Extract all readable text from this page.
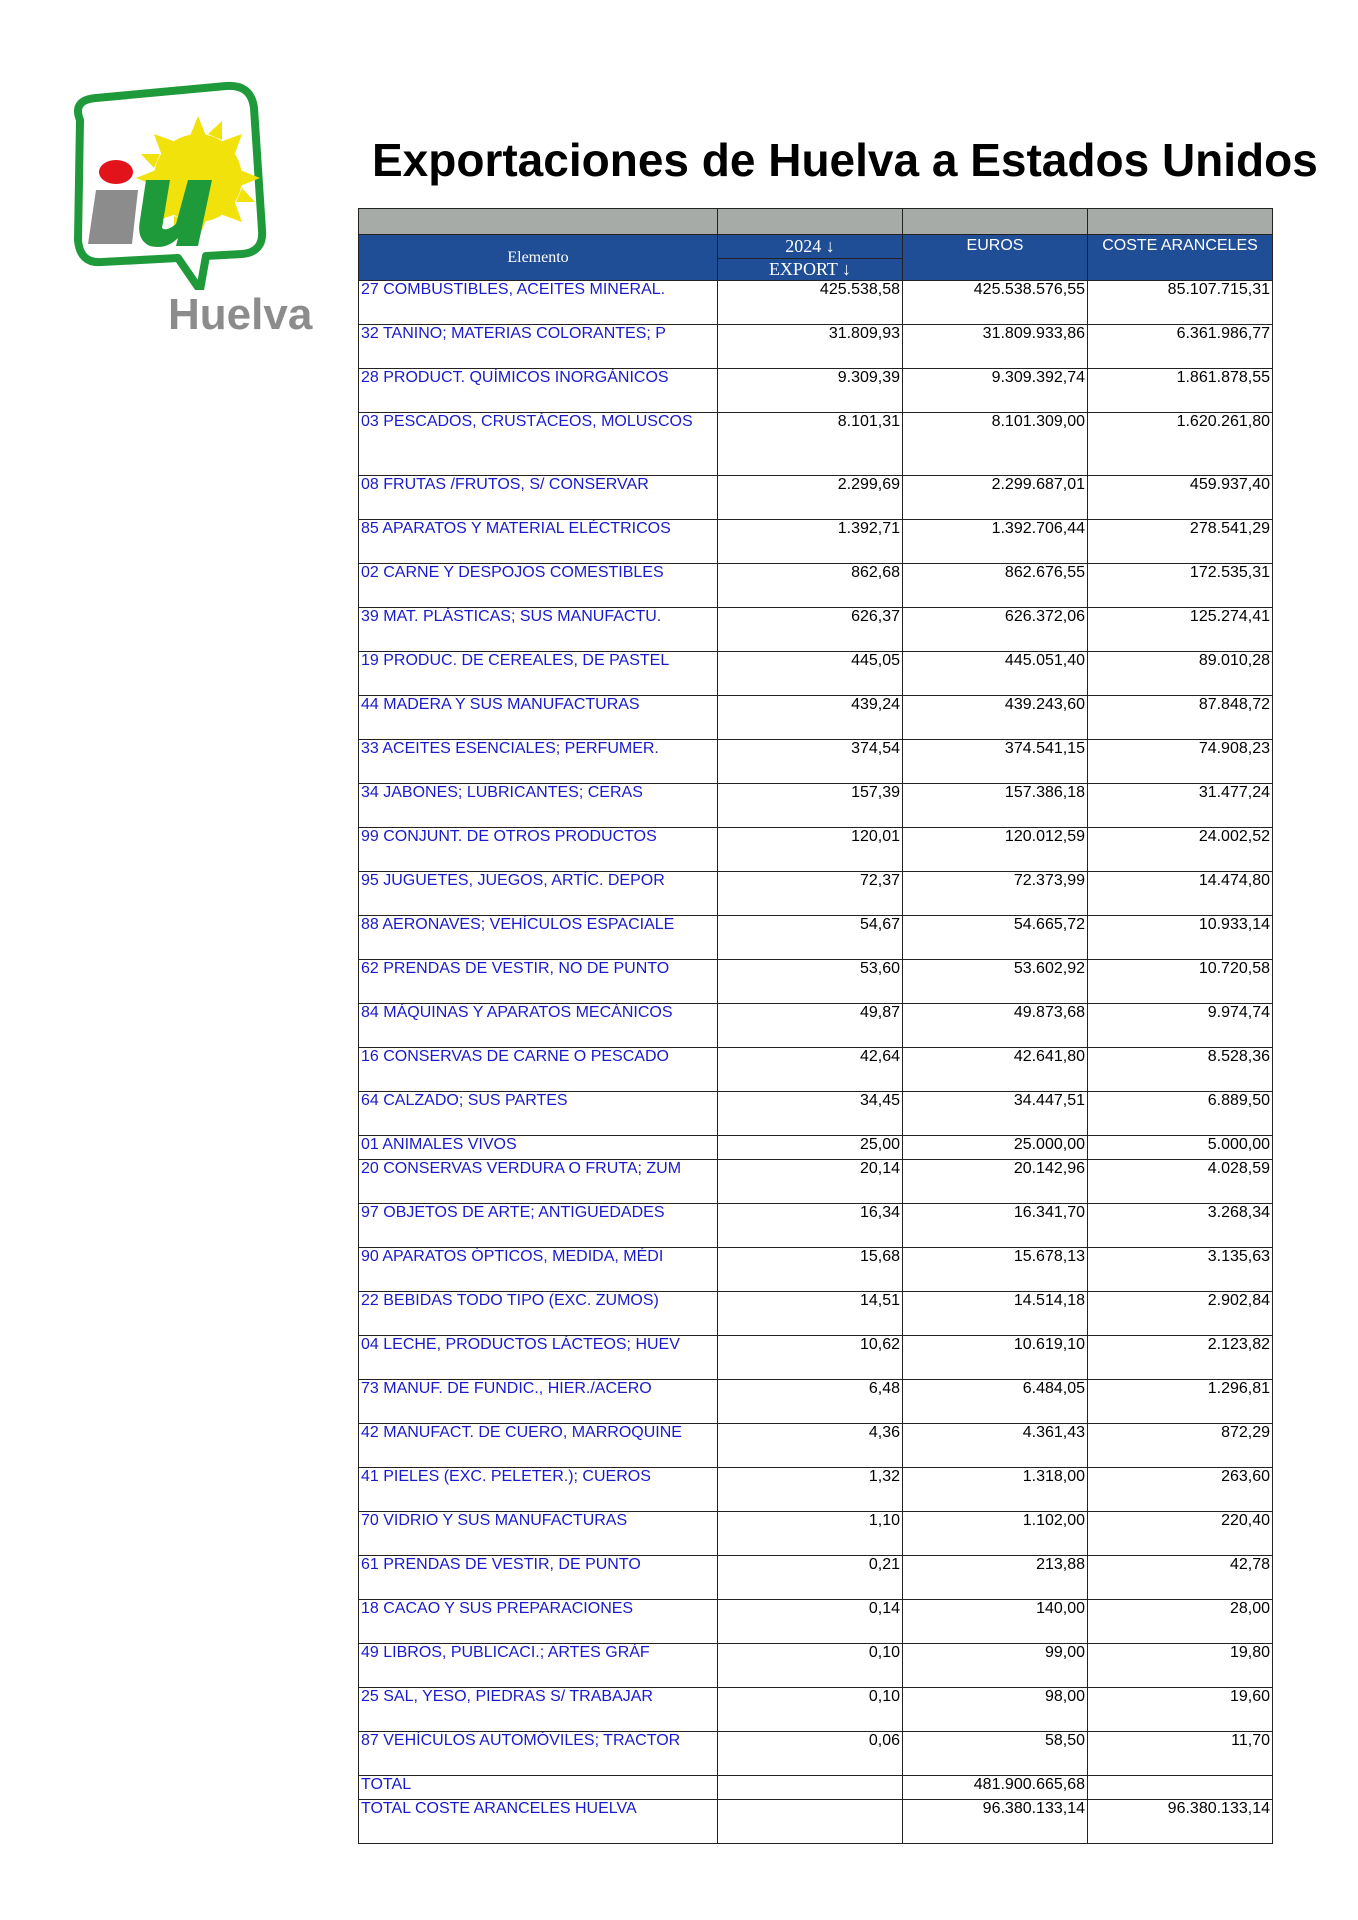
Huelva
Exportaciones de Huelva a Estados Unidos

Elemento	2024 ↓	EUROS	COSTE ARANCELES
	EXPORT ↓		
27 COMBUSTIBLES, ACEITES MINERAL.	425.538,58	425.538.576,55	85.107.715,31
32 TANINO; MATERIAS COLORANTES; P	31.809,93	31.809.933,86	6.361.986,77
28 PRODUCT. QUÍMICOS INORGÁNICOS	9.309,39	9.309.392,74	1.861.878,55
03 PESCADOS, CRUSTÁCEOS, MOLUSCOS	8.101,31	8.101.309,00	1.620.261,80
08 FRUTAS /FRUTOS, S/ CONSERVAR	2.299,69	2.299.687,01	459.937,40
85 APARATOS Y MATERIAL ELÉCTRICOS	1.392,71	1.392.706,44	278.541,29
02 CARNE Y DESPOJOS COMESTIBLES	862,68	862.676,55	172.535,31
39 MAT. PLÁSTICAS; SUS MANUFACTU.	626,37	626.372,06	125.274,41
19 PRODUC. DE CEREALES, DE PASTEL	445,05	445.051,40	89.010,28
44 MADERA Y SUS MANUFACTURAS	439,24	439.243,60	87.848,72
33 ACEITES ESENCIALES; PERFUMER.	374,54	374.541,15	74.908,23
34 JABONES; LUBRICANTES; CERAS	157,39	157.386,18	31.477,24
99 CONJUNT. DE OTROS PRODUCTOS	120,01	120.012,59	24.002,52
95 JUGUETES, JUEGOS, ARTÍC. DEPOR	72,37	72.373,99	14.474,80
88 AERONAVES; VEHÍCULOS ESPACIALE	54,67	54.665,72	10.933,14
62 PRENDAS DE VESTIR, NO DE PUNTO	53,60	53.602,92	10.720,58
84 MÁQUINAS Y APARATOS MECÁNICOS	49,87	49.873,68	9.974,74
16 CONSERVAS DE CARNE O PESCADO	42,64	42.641,80	8.528,36
64 CALZADO; SUS PARTES	34,45	34.447,51	6.889,50
01 ANIMALES VIVOS	25,00	25.000,00	5.000,00
20 CONSERVAS VERDURA O FRUTA; ZUM	20,14	20.142,96	4.028,59
97 OBJETOS DE ARTE; ANTIGUEDADES	16,34	16.341,70	3.268,34
90 APARATOS ÓPTICOS, MEDIDA, MÉDI	15,68	15.678,13	3.135,63
22 BEBIDAS TODO TIPO (EXC. ZUMOS)	14,51	14.514,18	2.902,84
04 LECHE, PRODUCTOS LÁCTEOS; HUEV	10,62	10.619,10	2.123,82
73 MANUF. DE FUNDIC., HIER./ACERO	6,48	6.484,05	1.296,81
42 MANUFACT. DE CUERO, MARROQUINE	4,36	4.361,43	872,29
41 PIELES (EXC. PELETER.); CUEROS	1,32	1.318,00	263,60
70 VIDRIO Y SUS MANUFACTURAS	1,10	1.102,00	220,40
61 PRENDAS DE VESTIR, DE PUNTO	0,21	213,88	42,78
18 CACAO Y SUS PREPARACIONES	0,14	140,00	28,00
49 LIBROS, PUBLICACI.; ARTES GRÁF	0,10	99,00	19,80
25 SAL, YESO, PIEDRAS S/ TRABAJAR	0,10	98,00	19,60
87 VEHÍCULOS AUTOMÓVILES; TRACTOR	0,06	58,50	11,70
TOTAL		481.900.665,68	
TOTAL COSTE ARANCELES HUELVA		96.380.133,14	96.380.133,14
